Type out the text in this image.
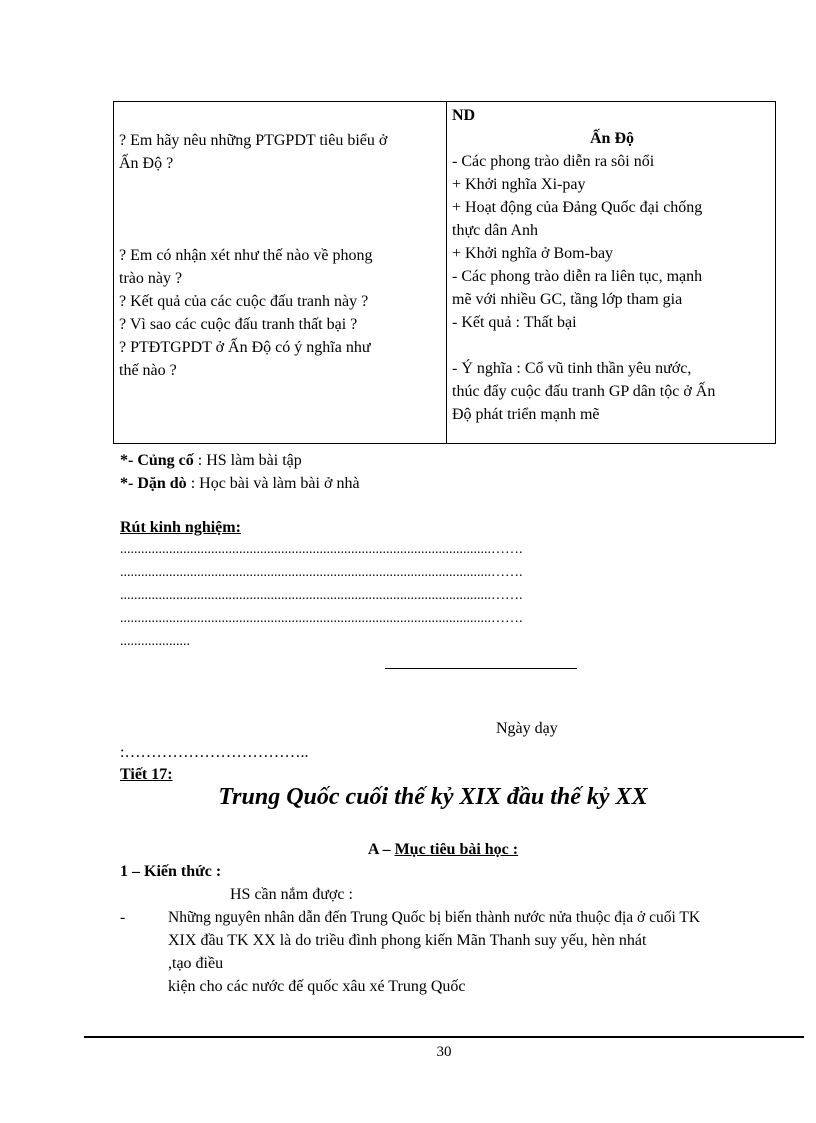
? Em hãy nêu những PTGPDT tiêu biểu ở
Ấn Độ ?
? Em có nhận xét như thế nào về phong
trào này ?
? Kết quả của các cuộc đấu tranh này ?
? Vì sao các cuộc đấu tranh thất bại ?
? PTĐTGPDT ở Ấn Độ có ý nghĩa như
thế nào ?
ND
Ấn Độ
- Các phong trào diễn ra sôi nổi
+ Khởi nghĩa Xi-pay
+ Hoạt động của Đảng Quốc đại chống
thực dân Anh
+ Khởi nghĩa ở Bom-bay
- Các phong trào diễn ra liên tục, mạnh
mẽ với nhiều GC, tầng lớp tham gia
- Kết quả : Thất bại
- Ý nghĩa : Cổ vũ tinh thần yêu nước,
thúc đẩy cuộc đấu tranh GP dân tộc ở Ấn
Độ phát triển mạnh mẽ
*- Củng cố : HS làm bài tập
*- Dặn dò : Học bài và làm bài ở nhà
Rút kinh nghiệm:
..........................................................................................................…….
..........................................................................................................…….
..........................................................................................................…….
..........................................................................................................…….
....................
Ngày dạy
:……………………………..
Tiết 17:
Trung Quốc cuối thế kỷ XIX đầu thế kỷ XX
A – Mục tiêu bài học :
1 – Kiến thức :
HS cần nắm được :
-	Những nguyên nhân dẫn đến Trung Quốc bị biến thành nước nửa thuộc địa ở cuối TK
XIX đầu TK XX là do triều đình phong kiến Mãn Thanh suy yếu, hèn nhát
,tạo điều
kiện cho các nước đế quốc xâu xé Trung Quốc
30
